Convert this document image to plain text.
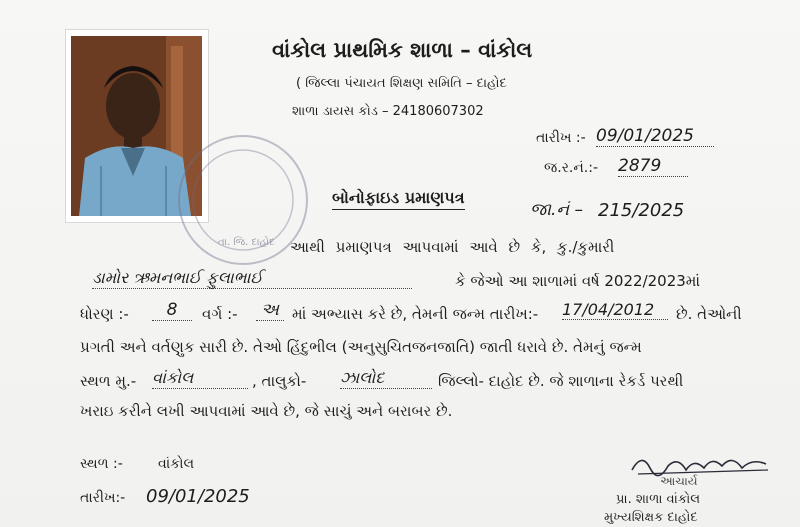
તા. જિ. દાહોદ
વાંકોલ પ્રાથમિક શાળા – વાંકોલ
( જિલ્લા પંચાયત શિક્ષણ સમિતિ – દાહોદ
શાળા ડાયસ કોડ – 24180607302
તારીખ :- 09/01/2025
જ.ર.નં.:- 2879
જા.નં – 215/2025
બોનોફાઇડ પ્રમાણપત્ર
આથી પ્રમાણપત્ર આપવામાં આવે છે કે, કુ./કુમારી
ડામોર ઋમનભાઈ ફુલાભાઈ	કે જેઓ આ શાળામાં વર્ષ 2022/2023માં
ધોરણ :-	8	વર્ગ :- અ માં અભ્યાસ કરે છે, તેમની જન્મ તારીખ:- 17/04/2012	છે. તેઓની
પ્રગતી અને વર્તણુક સારી છે. તેઓ હિંદુભીલ (અનુસુચિતજનજાતિ) જાતી ધરાવે છે. તેમનું જન્મ
સ્થળ મુ.- વાંકોલ	, તાલુકો- ઝાલોદ	જિલ્લો- દાહોદ છે. જે શાળાના રેકર્ડ પરથી
ખરાઇ કરીને લખી આપવામાં આવે છે, જે સાચું અને બરાબર છે.
સ્થળ :-	વાંકોલ
તારીખ:- 09/01/2025
આચાર્ય
પ્રા. શાળા વાંકોલ
મુખ્યશિક્ષક દાહોદ
